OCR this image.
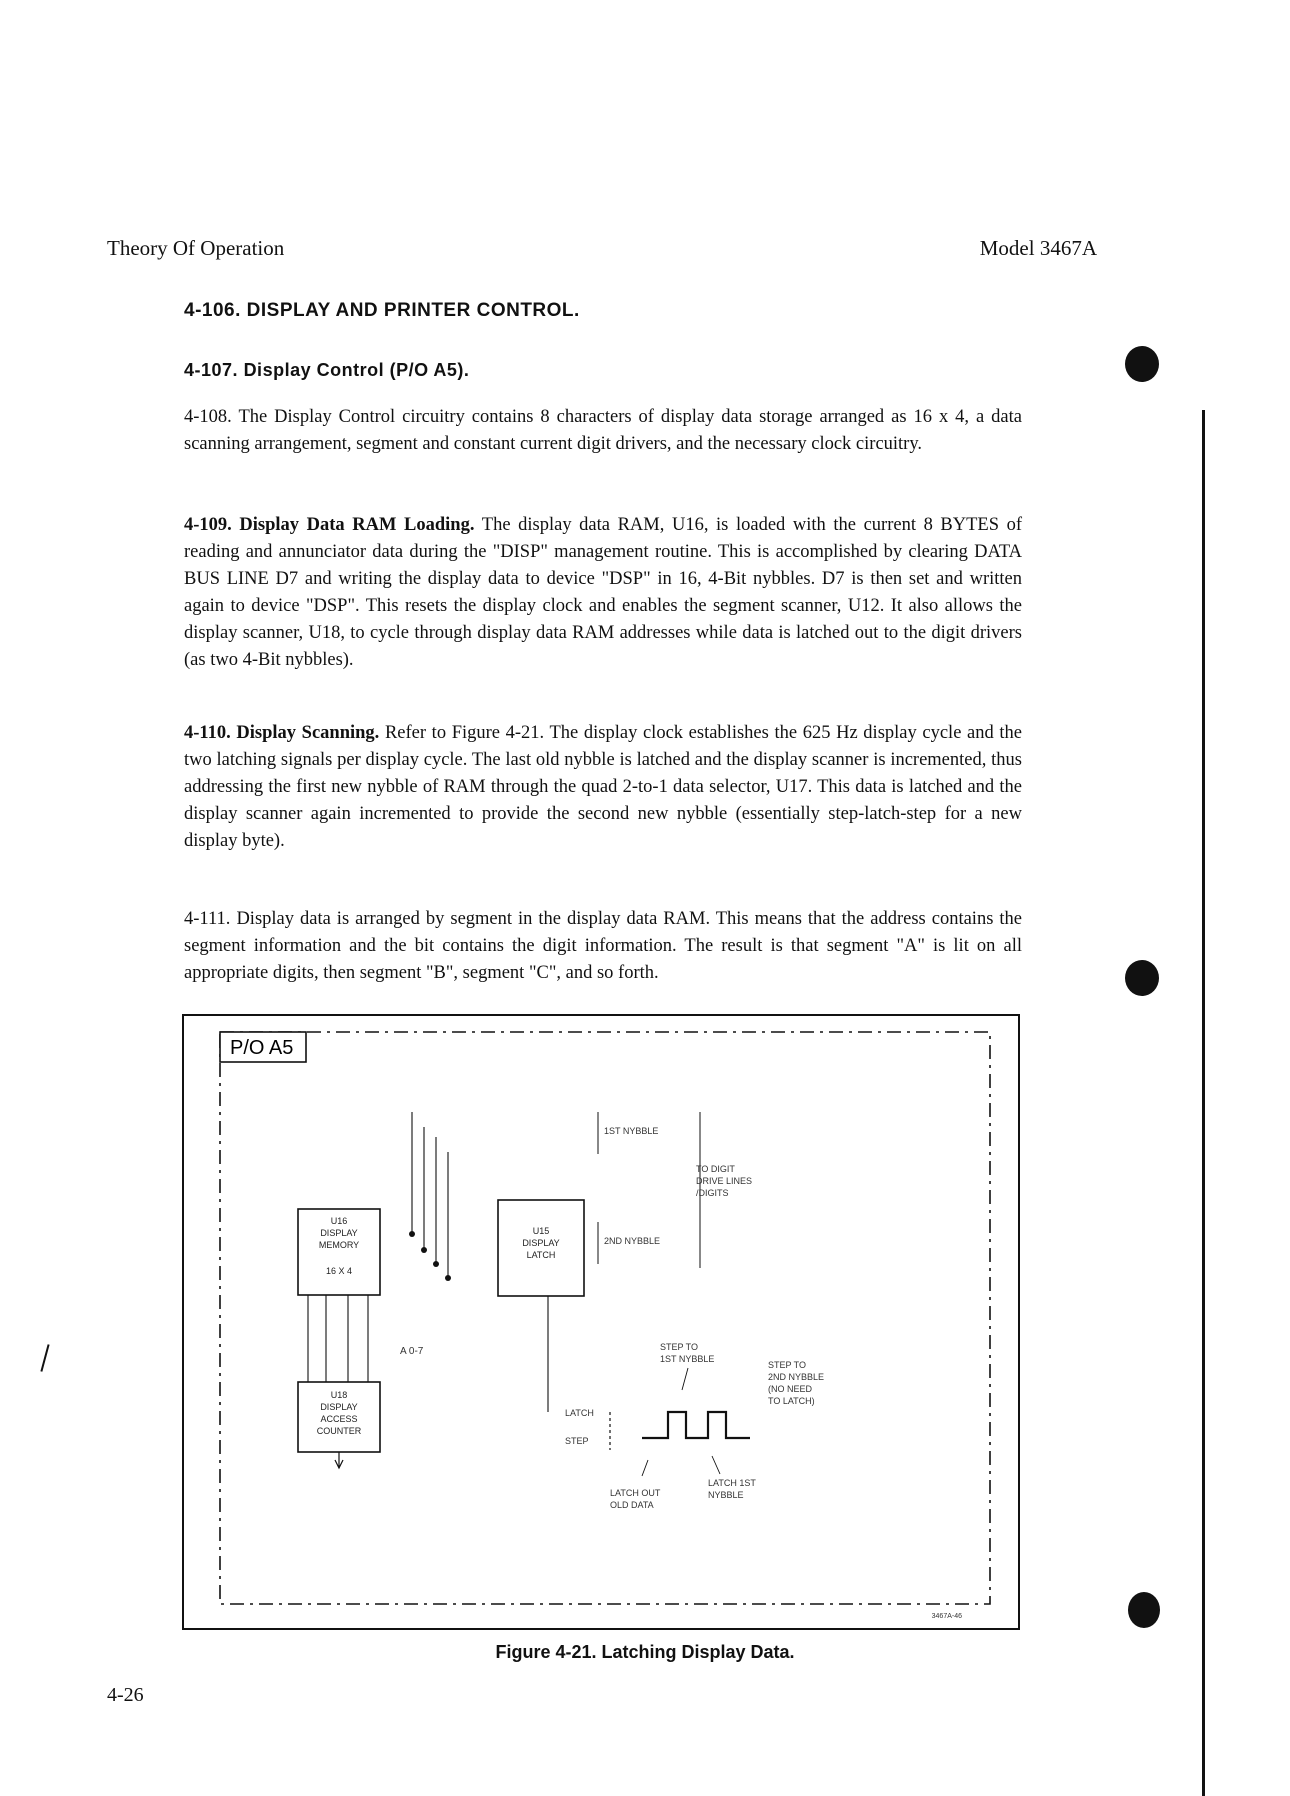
Theory Of Operation	Model 3467A
4-106. DISPLAY AND PRINTER CONTROL.
4-107. Display Control (P/O A5).

4-108. The Display Control circuitry contains 8 characters of display data storage arranged as 16 x 4, a data scanning arrangement, segment and constant current digit drivers, and the necessary clock circuitry.

4-109. Display Data RAM Loading. The display data RAM, U16, is loaded with the current 8 BYTES of reading and annunciator data during the "DISP" management routine. This is accomplished by clearing DATA BUS LINE D7 and writing the display data to device "DSP" in 16, 4-Bit nybbles. D7 is then set and written again to device "DSP". This resets the display clock and enables the segment scanner, U12. It also allows the display scanner, U18, to cycle through display data RAM addresses while data is latched out to the digit drivers (as two 4-Bit nybbles).

4-110. Display Scanning. Refer to Figure 4-21. The display clock establishes the 625 Hz display cycle and the two latching signals per display cycle. The last old nybble is latched and the display scanner is incremented, thus addressing the first new nybble of RAM through the quad 2-to-1 data selector, U17. This data is latched and the display scanner again incremented to provide the second new nybble (essentially step-latch-step for a new display byte).

4-111. Display data is arranged by segment in the display data RAM. This means that the address contains the segment information and the bit contains the digit information. The result is that segment "A" is lit on all appropriate digits, then segment "B", segment "C", and so forth.

P/O A5
U16
DISPLAY
MEMORY
16 X 4
A 0-7
U18
DISPLAY
ACCESS
COUNTER
U15
DISPLAY
LATCH
1ST NYBBLE
2ND NYBBLE
TO DIGIT
DRIVE LINES
/DIGITS
LATCH
STEP
STEP TO
1ST NYBBLE
STEP TO
2ND NYBBLE
(NO NEED
TO LATCH)
LATCH OUT
OLD DATA
LATCH 1ST
NYBBLE
3467A-46
Figure 4-21. Latching Display Data.
4-26
